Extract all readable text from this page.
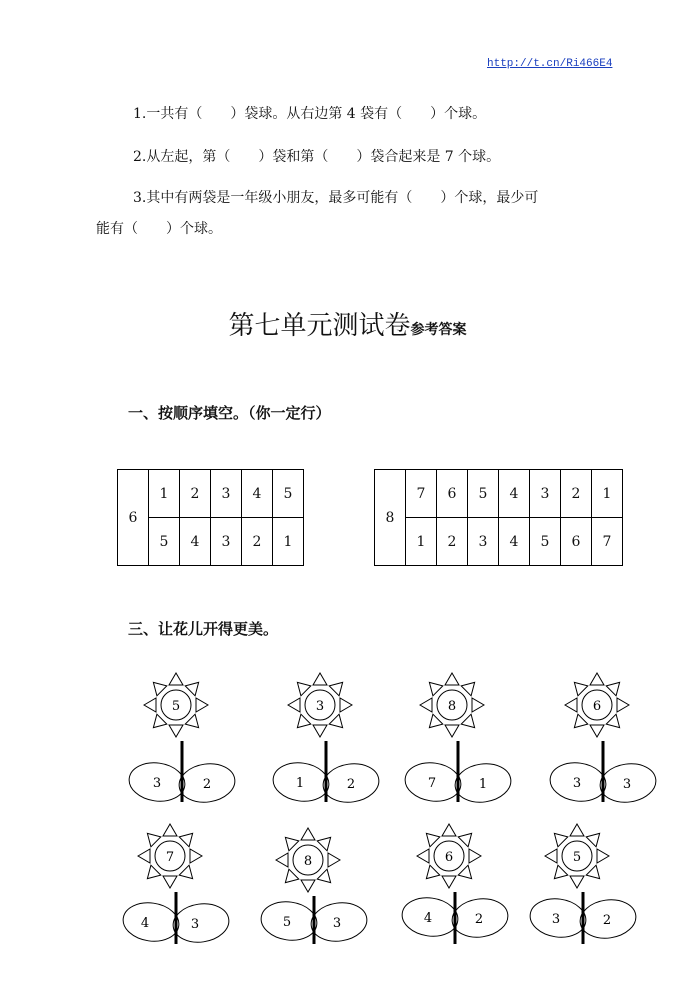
http://t.cn/Ri466E4
1.一共有（　　）袋球。从右边第 4 袋有（　　）个球。
2.从左起，第（　　）袋和第（　　）袋合起来是 7 个球。
3.其中有两袋是一年级小朋友，最多可能有（　　）个球，最少可
能有（　　）个球。
第七单元测试卷参考答案
一、按顺序填空。（你一定行）
6	1	2	3	4	5
	5	4	3	2	1
8	7	6	5	4	3	2	1
	1	2	3	4	5	6	7
三、让花儿开得更美。
5
3	2
3
1	2
8
7	1
6
3	3
7
4	3
8
5	3
6
4	2
5
3	2
